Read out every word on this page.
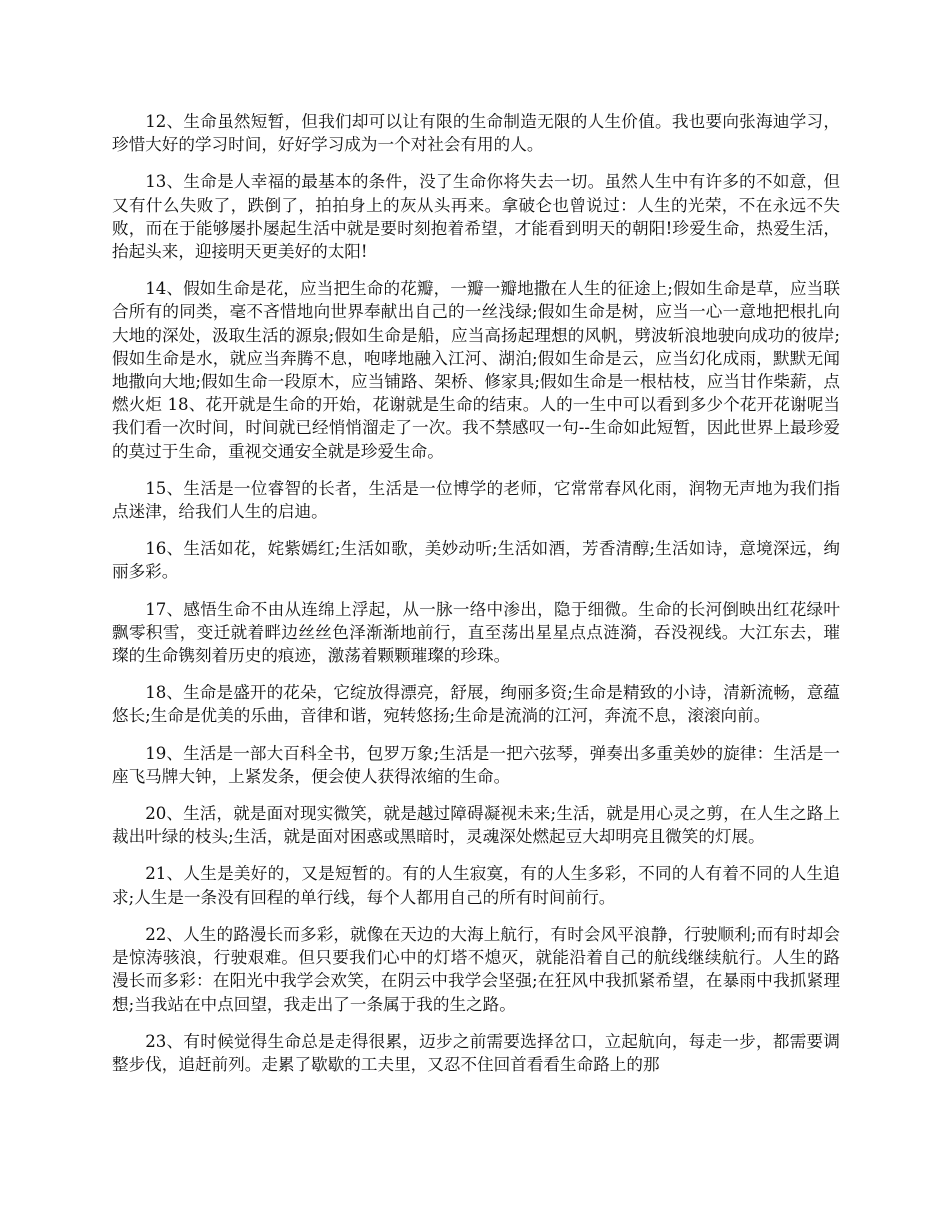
12、生命虽然短暂，但我们却可以让有限的生命制造无限的人生价值。我也要向张海迪学习，珍惜大好的学习时间，好好学习成为一个对社会有用的人。

13、生命是人幸福的最基本的条件，没了生命你将失去一切。虽然人生中有许多的不如意，但又有什么失败了，跌倒了，拍拍身上的灰从头再来。拿破仑也曾说过：人生的光荣，不在永远不失败，而在于能够屡扑屡起生活中就是要时刻抱着希望，才能看到明天的朝阳!珍爱生命，热爱生活，抬起头来，迎接明天更美好的太阳!

14、假如生命是花，应当把生命的花瓣，一瓣一瓣地撒在人生的征途上;假如生命是草，应当联合所有的同类，毫不吝惜地向世界奉献出自己的一丝浅绿;假如生命是树，应当一心一意地把根扎向大地的深处，汲取生活的源泉;假如生命是船，应当高扬起理想的风帆，劈波斩浪地驶向成功的彼岸;假如生命是水，就应当奔腾不息，咆哮地融入江河、湖泊;假如生命是云，应当幻化成雨，默默无闻地撒向大地;假如生命一段原木，应当铺路、架桥、修家具;假如生命是一根枯枝，应当甘作柴薪，点燃火炬 18、花开就是生命的开始，花谢就是生命的结束。人的一生中可以看到多少个花开花谢呢当我们看一次时间，时间就已经悄悄溜走了一次。我不禁感叹一句--生命如此短暂，因此世界上最珍爱的莫过于生命，重视交通安全就是珍爱生命。

15、生活是一位睿智的长者，生活是一位博学的老师，它常常春风化雨，润物无声地为我们指点迷津，给我们人生的启迪。

16、生活如花，姹紫嫣红;生活如歌，美妙动听;生活如酒，芳香清醇;生活如诗，意境深远，绚丽多彩。

17、感悟生命不由从连绵上浮起，从一脉一络中渗出，隐于细微。生命的长河倒映出红花绿叶飘零积雪，变迁就着畔边丝丝色泽渐渐地前行，直至荡出星星点点涟漪，吞没视线。大江东去，璀璨的生命镌刻着历史的痕迹，激荡着颗颗璀璨的珍珠。

18、生命是盛开的花朵，它绽放得漂亮，舒展，绚丽多资;生命是精致的小诗，清新流畅，意蕴悠长;生命是优美的乐曲，音律和谐，宛转悠扬;生命是流淌的江河，奔流不息，滚滚向前。

19、生活是一部大百科全书，包罗万象;生活是一把六弦琴，弹奏出多重美妙的旋律：生活是一座飞马牌大钟，上紧发条，便会使人获得浓缩的生命。

20、生活，就是面对现实微笑，就是越过障碍凝视未来;生活，就是用心灵之剪，在人生之路上裁出叶绿的枝头;生活，就是面对困惑或黑暗时，灵魂深处燃起豆大却明亮且微笑的灯展。

21、人生是美好的，又是短暂的。有的人生寂寞，有的人生多彩，不同的人有着不同的人生追求;人生是一条没有回程的单行线，每个人都用自己的所有时间前行。

22、人生的路漫长而多彩，就像在天边的大海上航行，有时会风平浪静，行驶顺利;而有时却会是惊涛骇浪，行驶艰难。但只要我们心中的灯塔不熄灭，就能沿着自己的航线继续航行。人生的路漫长而多彩：在阳光中我学会欢笑，在阴云中我学会坚强;在狂风中我抓紧希望，在暴雨中我抓紧理想;当我站在中点回望，我走出了一条属于我的生之路。

23、有时候觉得生命总是走得很累，迈步之前需要选择岔口，立起航向，每走一步，都需要调整步伐，追赶前列。走累了歇歇的工夫里，又忍不住回首看看生命路上的那
